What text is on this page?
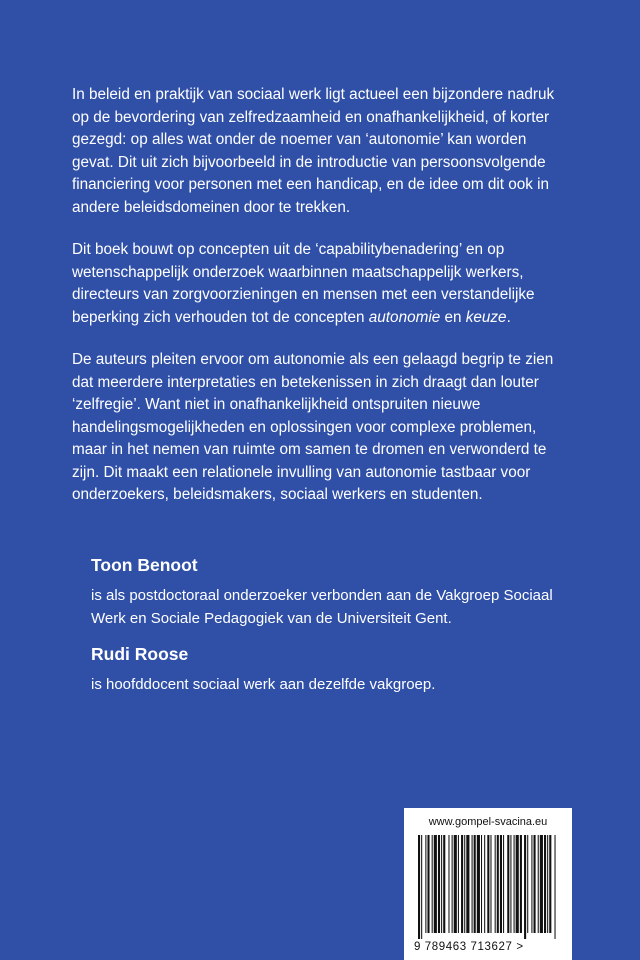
In beleid en praktijk van sociaal werk ligt actueel een bijzondere nadruk op de bevordering van zelfredzaamheid en onafhankelijkheid, of korter gezegd: op alles wat onder de noemer van ‘autonomie’ kan worden gevat. Dit uit zich bijvoorbeeld in de introductie van persoonsvolgende financiering voor personen met een handicap, en de idee om dit ook in andere beleidsdomeinen door te trekken.

Dit boek bouwt op concepten uit de ‘capabilitybenadering’ en op wetenschappelijk onderzoek waarbinnen maatschappelijk werkers, directeurs van zorgvoorzieningen en mensen met een verstandelijke beperking zich verhouden tot de concepten autonomie en keuze.

De auteurs pleiten ervoor om autonomie als een gelaagd begrip te zien dat meerdere interpretaties en betekenissen in zich draagt dan louter ‘zelfregie’. Want niet in onafhankelijkheid ontspruiten nieuwe handelingsmogelijkheden en oplossingen voor complexe problemen, maar in het nemen van ruimte om samen te dromen en verwonderd te zijn. Dit maakt een relationele invulling van autonomie tastbaar voor onderzoekers, beleidsmakers, sociaal werkers en studenten.

Toon Benoot
is als postdoctoraal onderzoeker verbonden aan de Vakgroep Sociaal Werk en Sociale Pedagogiek van de Universiteit Gent.
Rudi Roose
is hoofddocent sociaal werk aan dezelfde vakgroep.
www.gompel-svacina.eu
9 789463 713627 >
